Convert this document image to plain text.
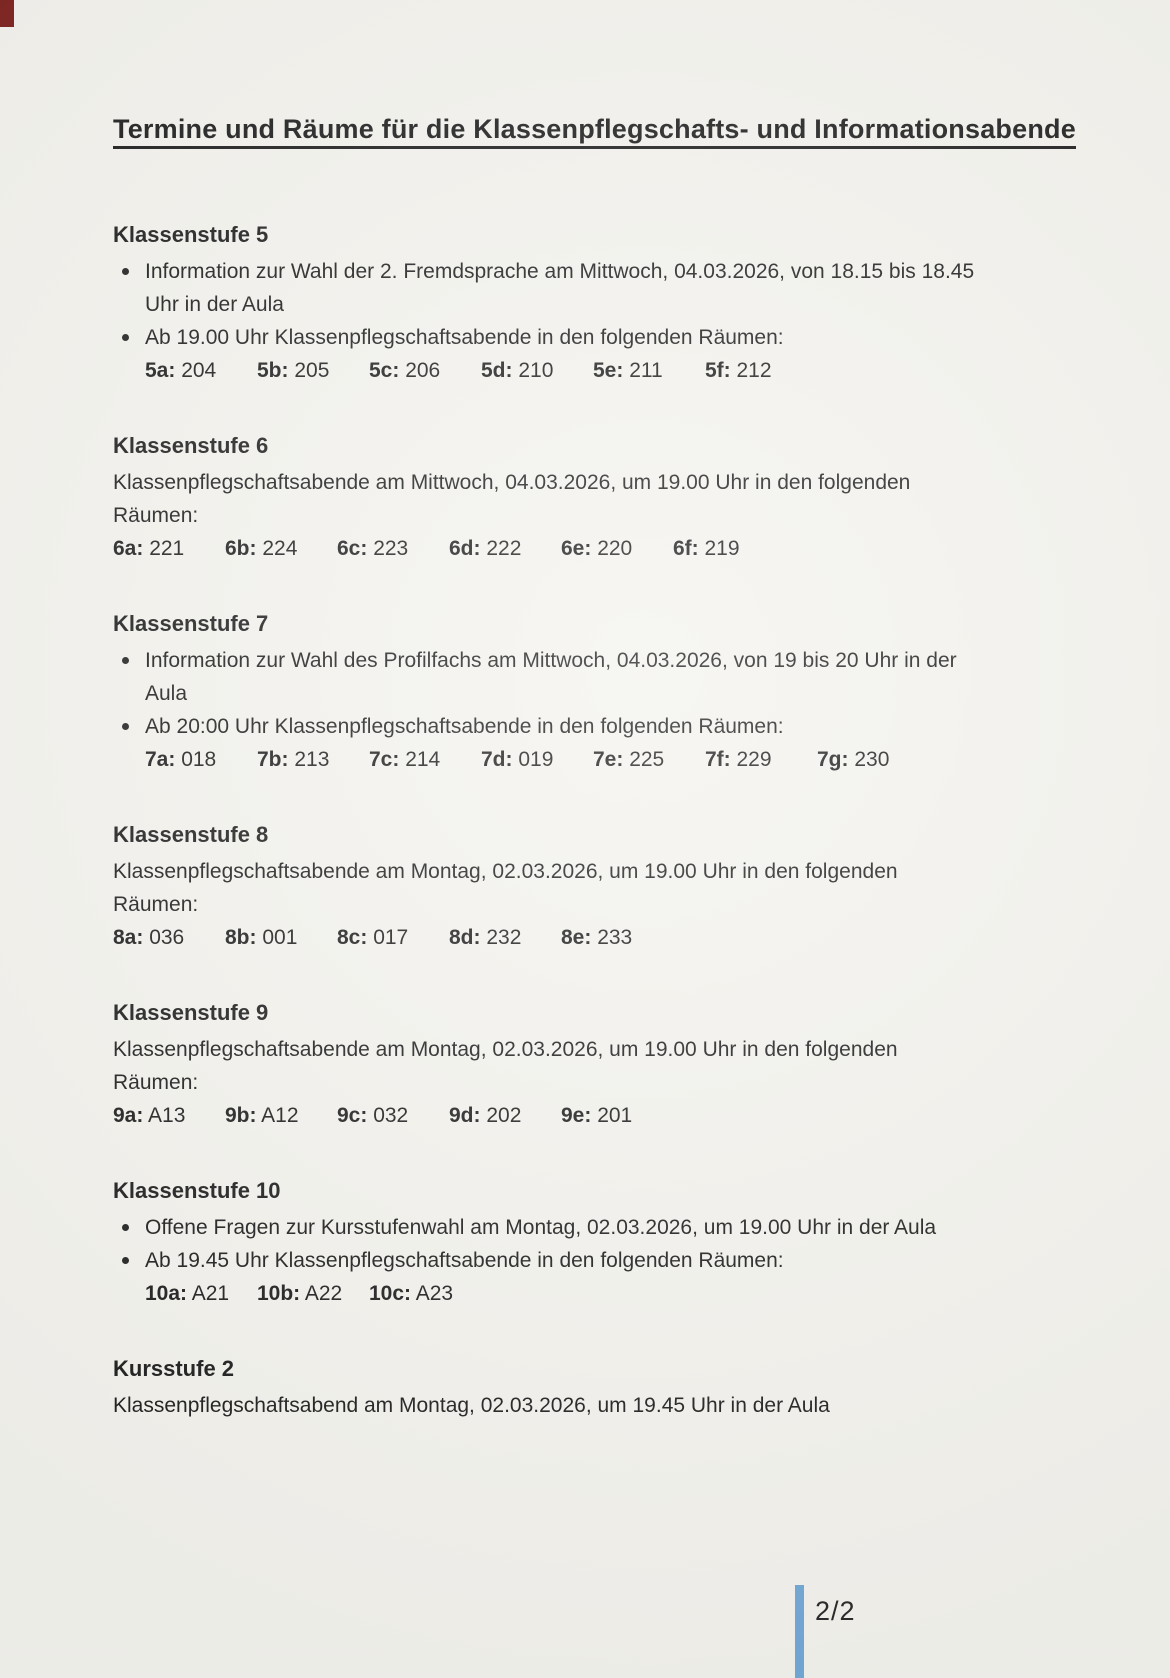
Termine und Räume für die Klassenpflegschafts- und Informationsabende
Klassenstufe 5
Information zur Wahl der 2. Fremdsprache am Mittwoch, 04.03.2026, von 18.15 bis 18.45 Uhr in der Aula
Ab 19.00 Uhr Klassenpflegschaftsabende in den folgenden Räumen:
5a: 204 5b: 205 5c: 206 5d: 210 5e: 211 5f: 212
Klassenstufe 6
Klassenpflegschaftsabende am Mittwoch, 04.03.2026, um 19.00 Uhr in den folgenden Räumen:
6a: 221 6b: 224 6c: 223 6d: 222 6e: 220 6f: 219
Klassenstufe 7
Information zur Wahl des Profilfachs am Mittwoch, 04.03.2026, von 19 bis 20 Uhr in der Aula
Ab 20:00 Uhr Klassenpflegschaftsabende in den folgenden Räumen:
7a: 018 7b: 213 7c: 214 7d: 019 7e: 225 7f: 229 7g: 230
Klassenstufe 8
Klassenpflegschaftsabende am Montag, 02.03.2026, um 19.00 Uhr in den folgenden Räumen:
8a: 036 8b: 001 8c: 017 8d: 232 8e: 233
Klassenstufe 9
Klassenpflegschaftsabende am Montag, 02.03.2026, um 19.00 Uhr in den folgenden Räumen:
9a: A13 9b: A12 9c: 032 9d: 202 9e: 201
Klassenstufe 10
Offene Fragen zur Kursstufenwahl am Montag, 02.03.2026, um 19.00 Uhr in der Aula
Ab 19.45 Uhr Klassenpflegschaftsabende in den folgenden Räumen:
10a: A21 10b: A22 10c: A23
Kursstufe 2
Klassenpflegschaftsabend am Montag, 02.03.2026, um 19.45 Uhr in der Aula
2/2
